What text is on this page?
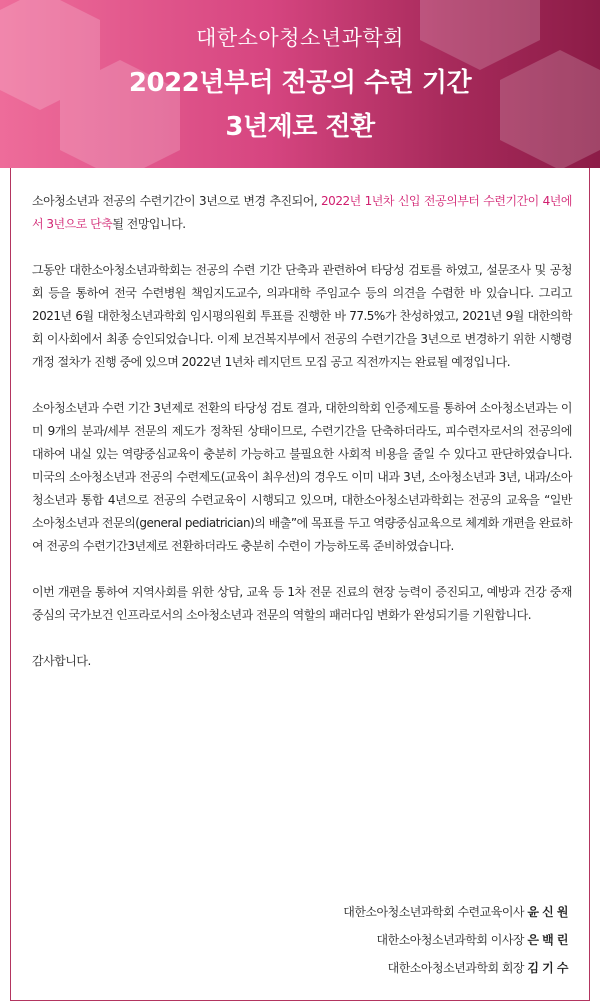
대한소아청소년과학회
2022년부터 전공의 수련 기간
3년제로 전환

소아청소년과 전공의 수련기간이 3년으로 변경 추진되어, 2022년 1년차 신입 전공의부터 수련기간이 4년에서 3년으로 단축될 전망입니다.

그동안 대한소아청소년과학회는 전공의 수련 기간 단축과 관련하여 타당성 검토를 하였고, 설문조사 및 공청회 등을 통하여 전국 수련병원 책임지도교수, 의과대학 주임교수 등의 의견을 수렴한 바 있습니다. 그리고 2021년 6월 대한청소년과학회 임시평의원회 투표를 진행한 바 77.5%가 찬성하였고, 2021년 9월 대한의학회 이사회에서 최종 승인되었습니다. 이제 보건복지부에서 전공의 수련기간을 3년으로 변경하기 위한 시행령 개정 절차가 진행 중에 있으며 2022년 1년차 레지던트 모집 공고 직전까지는 완료될 예정입니다.

소아청소년과 수련 기간 3년제로 전환의 타당성 검토 결과, 대한의학회 인증제도를 통하여 소아청소년과는 이미 9개의 분과/세부 전문의 제도가 정착된 상태이므로, 수련기간을 단축하더라도, 피수련자로서의 전공의에 대하여 내실 있는 역량중심교육이 충분히 가능하고 불필요한 사회적 비용을 줄일 수 있다고 판단하였습니다. 미국의 소아청소년과 전공의 수련제도(교육이 최우선)의 경우도 이미 내과 3년, 소아청소년과 3년, 내과/소아청소년과 통합 4년으로 전공의 수련교육이 시행되고 있으며, 대한소아청소년과학회는 전공의 교육을 “일반 소아청소년과 전문의(general pediatrician)의 배출”에 목표를 두고 역량중심교육으로 체계화 개편을 완료하여 전공의 수련기간3년제로 전환하더라도 충분히 수련이 가능하도록 준비하였습니다.

이번 개편을 통하여 지역사회를 위한 상담, 교육 등 1차 전문 진료의 현장 능력이 증진되고, 예방과 건강 중재 중심의 국가보건 인프라로서의 소아청소년과 전문의 역할의 패러다임 변화가 완성되기를 기원합니다.

감사합니다.

대한소아청소년과학회 수련교육이사 윤 신 원
대한소아청소년과학회 이사장 은 백 린
대한소아청소년과학회 회장 김 기 수
